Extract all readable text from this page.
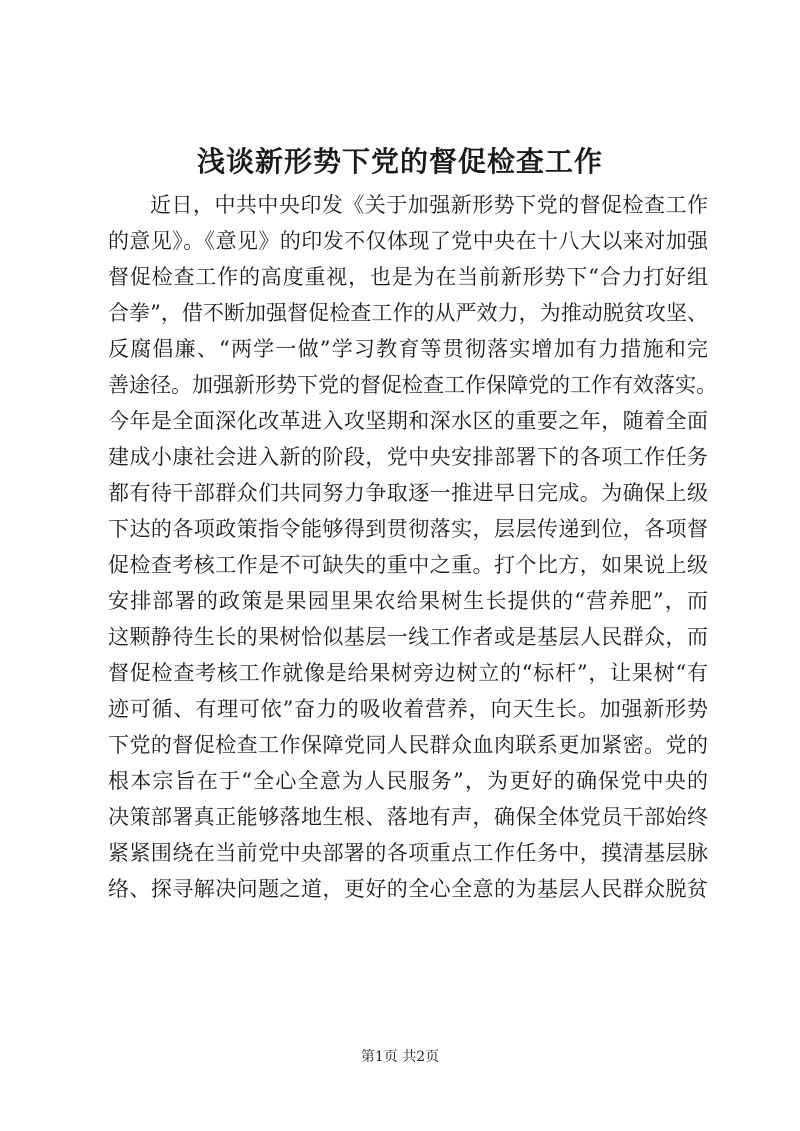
浅谈新形势下党的督促检查工作
近日，中共中央印发《关于加强新形势下党的督促检查工作
的意见》。《意见》的印发不仅体现了党中央在十八大以来对加强
督促检查工作的高度重视，也是为在当前新形势下“合力打好组
合拳”，借不断加强督促检查工作的从严效力，为推动脱贫攻坚、
反腐倡廉、“两学一做”学习教育等贯彻落实增加有力措施和完
善途径。加强新形势下党的督促检查工作保障党的工作有效落实。
今年是全面深化改革进入攻坚期和深水区的重要之年，随着全面
建成小康社会进入新的阶段，党中央安排部署下的各项工作任务
都有待干部群众们共同努力争取逐一推进早日完成。为确保上级
下达的各项政策指令能够得到贯彻落实，层层传递到位，各项督
促检查考核工作是不可缺失的重中之重。打个比方，如果说上级
安排部署的政策是果园里果农给果树生长提供的“营养肥”，而
这颗静待生长的果树恰似基层一线工作者或是基层人民群众，而
督促检查考核工作就像是给果树旁边树立的“标杆”，让果树“有
迹可循、有理可依”奋力的吸收着营养，向天生长。加强新形势
下党的督促检查工作保障党同人民群众血肉联系更加紧密。党的
根本宗旨在于“全心全意为人民服务”，为更好的确保党中央的
决策部署真正能够落地生根、落地有声，确保全体党员干部始终
紧紧围绕在当前党中央部署的各项重点工作任务中，摸清基层脉
络、探寻解决问题之道，更好的全心全意的为基层人民群众脱贫
第1页 共2页
